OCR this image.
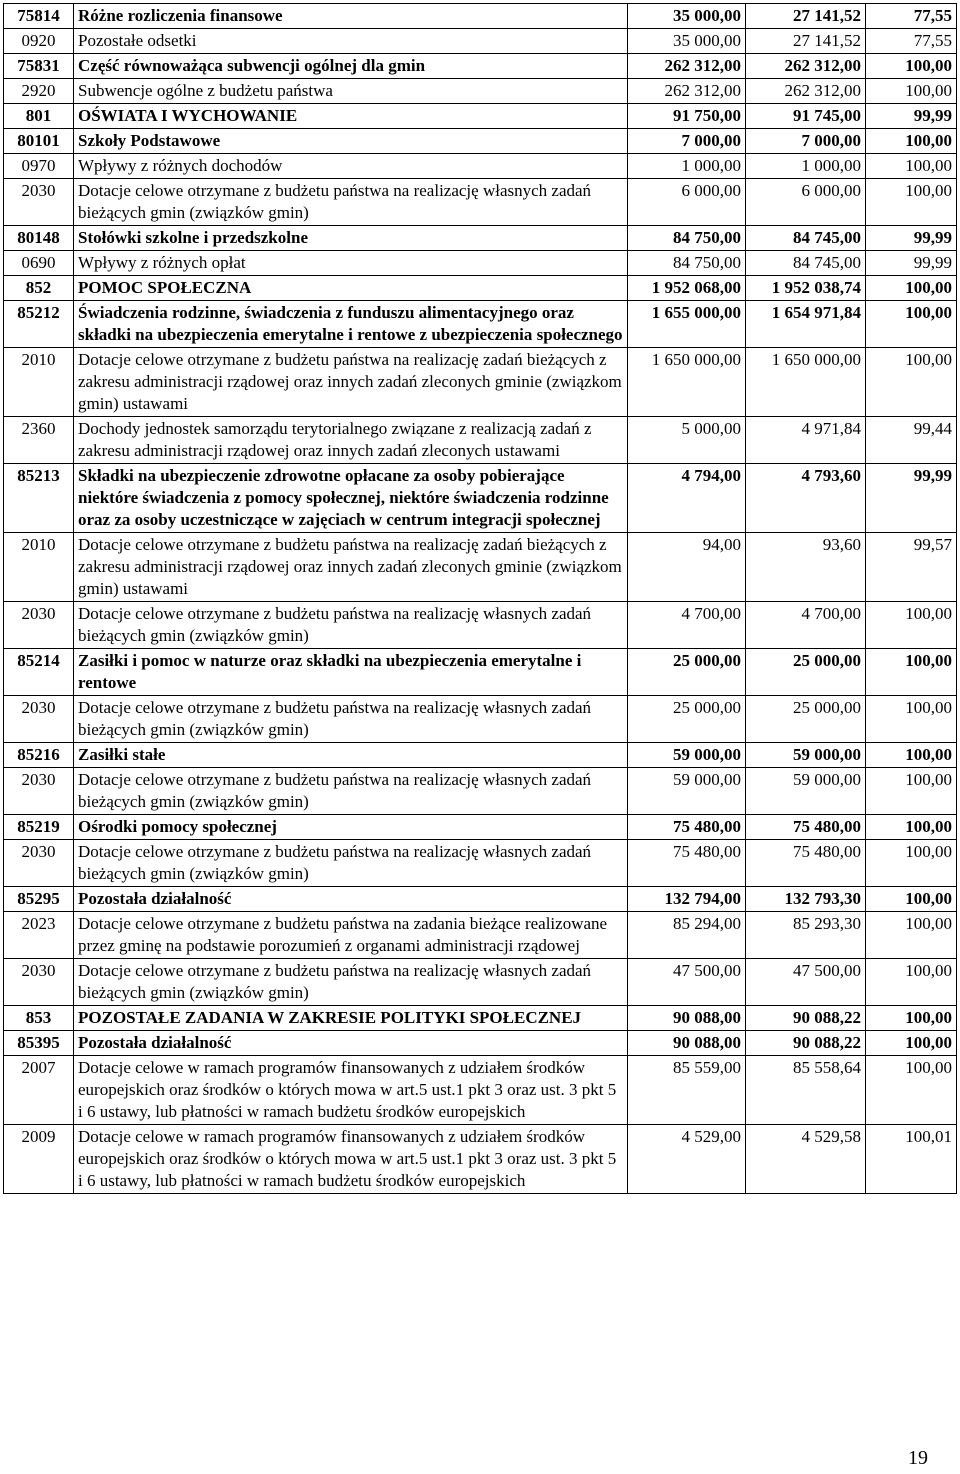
75814	Różne rozliczenia finansowe	35 000,00	27 141,52	77,55
0920	Pozostałe odsetki	35 000,00	27 141,52	77,55
75831	Część równoważąca subwencji ogólnej dla gmin	262 312,00	262 312,00	100,00
2920	Subwencje ogólne z budżetu państwa	262 312,00	262 312,00	100,00
801	OŚWIATA I WYCHOWANIE	91 750,00	91 745,00	99,99
80101	Szkoły Podstawowe	7 000,00	7 000,00	100,00
0970	Wpływy z różnych dochodów	1 000,00	1 000,00	100,00
2030	Dotacje celowe otrzymane z budżetu państwa na realizację własnych zadań bieżących gmin (związków gmin)	6 000,00	6 000,00	100,00
80148	Stołówki szkolne i przedszkolne	84 750,00	84 745,00	99,99
0690	Wpływy z różnych opłat	84 750,00	84 745,00	99,99
852	POMOC SPOŁECZNA	1 952 068,00	1 952 038,74	100,00
85212	Świadczenia rodzinne, świadczenia z funduszu alimentacyjnego oraz składki na ubezpieczenia emerytalne i rentowe z ubezpieczenia społecznego	1 655 000,00	1 654 971,84	100,00
2010	Dotacje celowe otrzymane z budżetu państwa na realizację zadań bieżących z zakresu administracji rządowej oraz innych zadań zleconych gminie (związkom gmin) ustawami	1 650 000,00	1 650 000,00	100,00
2360	Dochody jednostek samorządu terytorialnego związane z realizacją zadań z zakresu administracji rządowej oraz innych zadań zleconych ustawami	5 000,00	4 971,84	99,44
85213	Składki na ubezpieczenie zdrowotne opłacane za osoby pobierające niektóre świadczenia z pomocy społecznej, niektóre świadczenia rodzinne oraz za osoby uczestniczące w zajęciach w centrum integracji społecznej	4 794,00	4 793,60	99,99
2010	Dotacje celowe otrzymane z budżetu państwa na realizację zadań bieżących z zakresu administracji rządowej oraz innych zadań zleconych gminie (związkom gmin) ustawami	94,00	93,60	99,57
2030	Dotacje celowe otrzymane z budżetu państwa na realizację własnych zadań bieżących gmin (związków gmin)	4 700,00	4 700,00	100,00
85214	Zasiłki i pomoc w naturze oraz składki na ubezpieczenia emerytalne i rentowe	25 000,00	25 000,00	100,00
2030	Dotacje celowe otrzymane z budżetu państwa na realizację własnych zadań bieżących gmin (związków gmin)	25 000,00	25 000,00	100,00
85216	Zasiłki stałe	59 000,00	59 000,00	100,00
2030	Dotacje celowe otrzymane z budżetu państwa na realizację własnych zadań bieżących gmin (związków gmin)	59 000,00	59 000,00	100,00
85219	Ośrodki pomocy społecznej	75 480,00	75 480,00	100,00
2030	Dotacje celowe otrzymane z budżetu państwa na realizację własnych zadań bieżących gmin (związków gmin)	75 480,00	75 480,00	100,00
85295	Pozostała działalność	132 794,00	132 793,30	100,00
2023	Dotacje celowe otrzymane z budżetu państwa na zadania bieżące realizowane przez gminę na podstawie porozumień z organami administracji rządowej	85 294,00	85 293,30	100,00
2030	Dotacje celowe otrzymane z budżetu państwa na realizację własnych zadań bieżących gmin (związków gmin)	47 500,00	47 500,00	100,00
853	POZOSTAŁE ZADANIA W ZAKRESIE POLITYKI SPOŁECZNEJ	90 088,00	90 088,22	100,00
85395	Pozostała działalność	90 088,00	90 088,22	100,00
2007	Dotacje celowe w ramach programów finansowanych z udziałem środków europejskich oraz środków o których mowa w art.5 ust.1 pkt 3 oraz ust. 3 pkt 5 i 6 ustawy, lub płatności w ramach budżetu środków europejskich	85 559,00	85 558,64	100,00
2009	Dotacje celowe w ramach programów finansowanych z udziałem środków europejskich oraz środków o których mowa w art.5 ust.1 pkt 3 oraz ust. 3 pkt 5 i 6 ustawy, lub płatności w ramach budżetu środków europejskich	4 529,00	4 529,58	100,01
19
